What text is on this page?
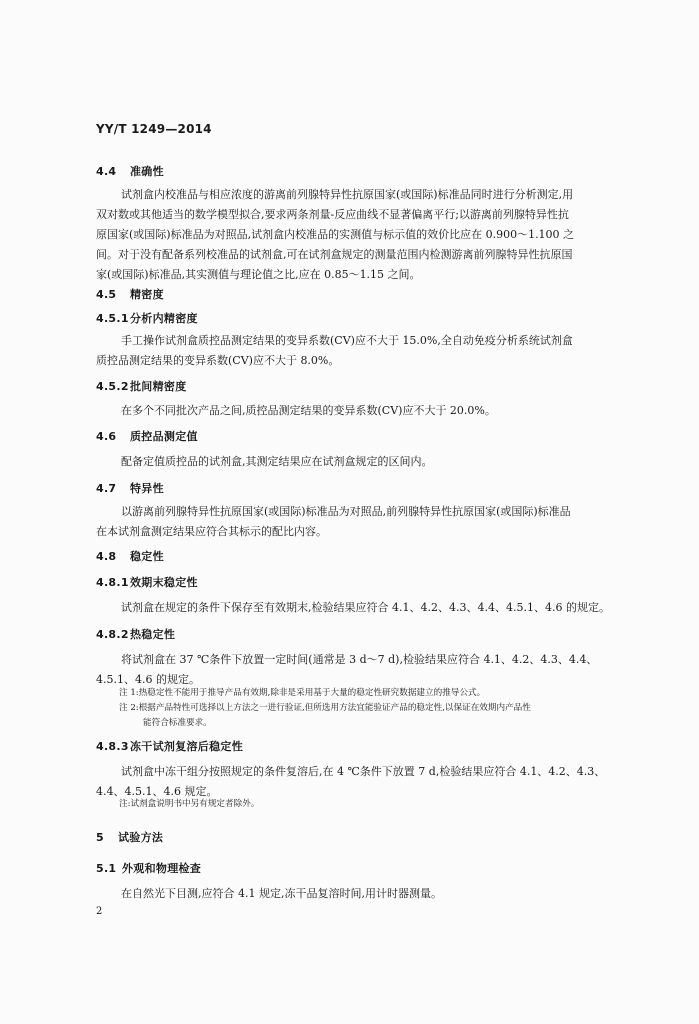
YY/T 1249—2014
4.4 准确性
试剂盒内校准品与相应浓度的游离前列腺特异性抗原国家(或国际)标准品同时进行分析测定,用
双对数或其他适当的数学模型拟合,要求两条剂量-反应曲线不显著偏离平行;以游离前列腺特异性抗
原国家(或国际)标准品为对照品,试剂盒内校准品的实测值与标示值的效价比应在 0.900～1.100 之
间。对于没有配备系列校准品的试剂盒,可在试剂盒规定的测量范围内检测游离前列腺特异性抗原国
家(或国际)标准品,其实测值与理论值之比,应在 0.85～1.15 之间。
4.5 精密度
4.5.1分析内精密度
手工操作试剂盒质控品测定结果的变异系数(CV)应不大于 15.0%,全自动免疫分析系统试剂盒
质控品测定结果的变异系数(CV)应不大于 8.0%。
4.5.2批间精密度
在多个不同批次产品之间,质控品测定结果的变异系数(CV)应不大于 20.0%。
4.6 质控品测定值
配备定值质控品的试剂盒,其测定结果应在试剂盒规定的区间内。
4.7 特异性
以游离前列腺特异性抗原国家(或国际)标准品为对照品,前列腺特异性抗原国家(或国际)标准品
在本试剂盒测定结果应符合其标示的配比内容。
4.8 稳定性
4.8.1效期末稳定性
试剂盒在规定的条件下保存至有效期末,检验结果应符合 4.1、4.2、4.3、4.4、4.5.1、4.6 的规定。
4.8.2热稳定性
将试剂盒在 37 ℃条件下放置一定时间(通常是 3 d～7 d),检验结果应符合 4.1、4.2、4.3、4.4、
4.5.1、4.6 的规定。
注 1:热稳定性不能用于推导产品有效期,除非是采用基于大量的稳定性研究数据建立的推导公式。
注 2:根据产品特性可选择以上方法之一进行验证,但所选用方法宜能验证产品的稳定性,以保证在效期内产品性
能符合标准要求。
4.8.3冻干试剂复溶后稳定性
试剂盒中冻干组分按照规定的条件复溶后,在 4 ℃条件下放置 7 d,检验结果应符合 4.1、4.2、4.3、
4.4、4.5.1、4.6 规定。
注:试剂盒说明书中另有规定者除外。
5 试验方法
5.1 外观和物理检查
在自然光下目测,应符合 4.1 规定,冻干品复溶时间,用计时器测量。
2
